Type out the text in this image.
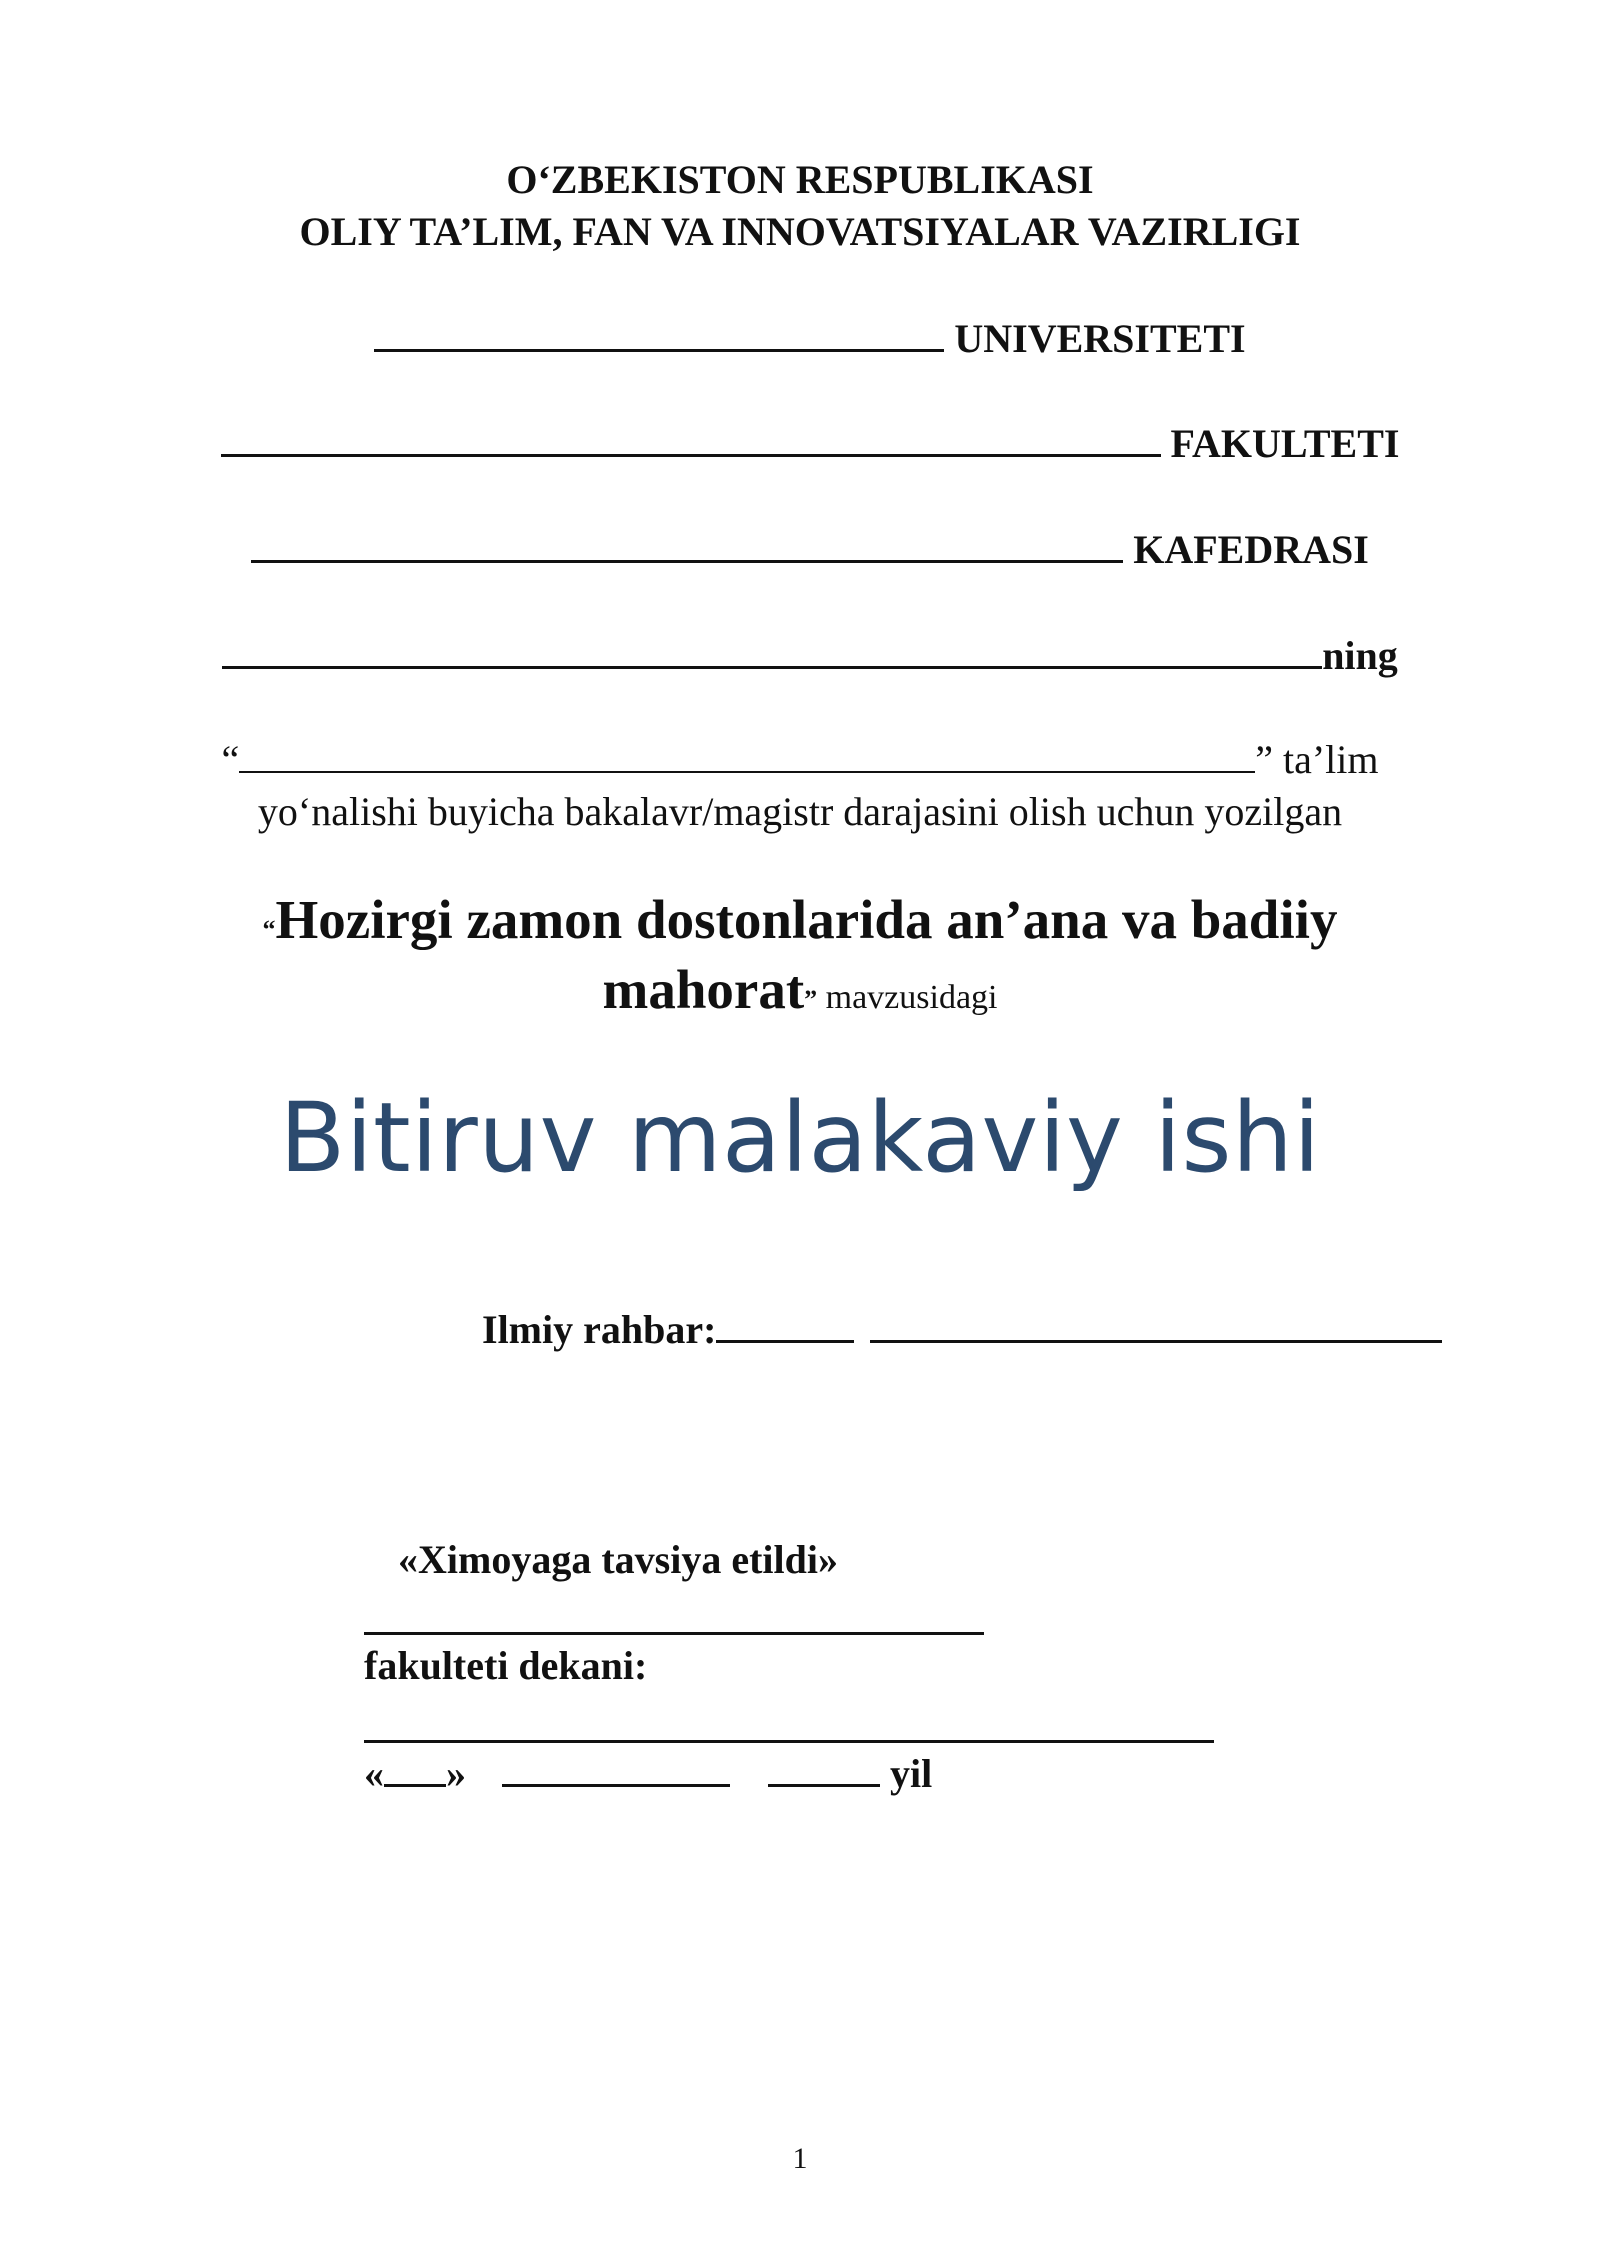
O‘ZBEKISTON RESPUBLIKASI
OLIY TA’LIM, FAN VA INNOVATSIYALAR VAZIRLIGI
UNIVERSITETI
FAKULTETI
KAFEDRASI
ning
“	” ta’lim
yo‘nalishi buyicha bakalavr/magistr darajasini olish uchun yozilgan
“Hozirgi zamon dostonlarida an’ana va badiiy
mahorat” mavzusidagi
Bitiruv malakaviy ishi
Ilmiy rahbar:
«Ximoyaga tavsiya etildi»
fakulteti dekani:
« »	yil
1
